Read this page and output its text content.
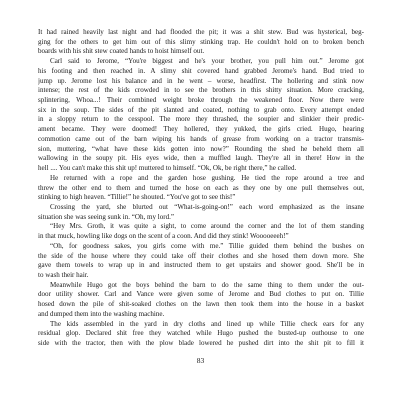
It had rained heavily last night and had flooded the pit; it was a shit stew. Bud was hysterical, beg-
ging for the others to get him out of this slimy stinking trap. He couldn't hold on to broken bench
boards with his shit stew coated hands to hoist himself out.
Carl said to Jerome, “You're biggest and he's your brother, you pull him out.” Jerome got
his footing and then reached in. A slimy shit covered hand grabbed Jerome's hand. Bud tried to
jump up. Jerome lost his balance and in he went – worse, headfirst. The hollering and stink now
intense; the rest of the kids crowded in to see the brothers in this shitty situation. More cracking,
splintering, Whoa...! Their combined weight broke through the weakened floor. Now there were
six in the soup. The sides of the pit slanted and coated, nothing to grab onto. Every attempt ended
in a sloppy return to the cesspool. The more they thrashed, the soupier and slinkier their predic-
ament became. They were doomed! They hollered, they yukked, the girls cried. Hugo, hearing
commotion came out of the barn wiping his hands of grease from working on a tractor transmis-
sion, muttering, “what have these kids gotten into now?” Rounding the shed he beheld them all
wallowing in the soupy pit. His eyes wide, then a muffled laugh. They're all in there! How in the
hell .... You can't make this shit up! muttered to himself. “Ok, Ok, be right there,” he called.
He returned with a rope and the garden hose gushing. He tied the rope around a tree and
threw the other end to them and turned the hose on each as they one by one pull themselves out,
stinking to high heaven. “Tillie!” he shouted. “You've got to see this!”
Crossing the yard, she blurted out “What-is-going-on!” each word emphasized as the insane
situation she was seeing sunk in. “Oh, my lord.”
“Hey Mrs. Groth, it was quite a sight, to come around the corner and the lot of them standing
in that muck, howling like dogs on the scent of a coon. And did they stink! Wooooeeeh!”
“Oh, for goodness sakes, you girls come with me.” Tillie guided them behind the bushes on
the side of the house where they could take off their clothes and she hosed them down more. She
gave them towels to wrap up in and instructed them to get upstairs and shower good. She'll be in
to wash their hair.
Meanwhile Hugo got the boys behind the barn to do the same thing to them under the out-
door utility shower. Carl and Vance were given some of Jerome and Bud clothes to put on. Tillie
hosed down the pile of shit-soaked clothes on the lawn then took them into the house in a basket
and dumped them into the washing machine.
The kids assembled in the yard in dry cloths and lined up while Tillie check ears for any
residual glop. Declared shit free they watched while Hugo pushed the busted-up outhouse to one
side with the tractor, then with the plow blade lowered he pushed dirt into the shit pit to fill it
83
